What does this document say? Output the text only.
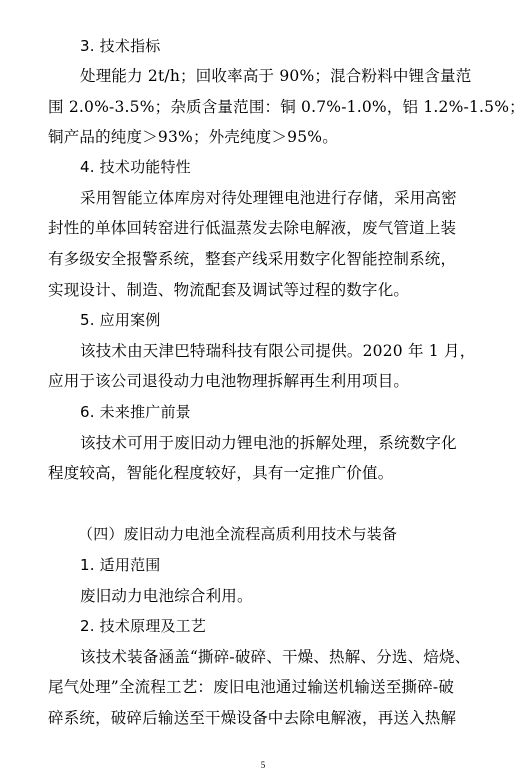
3. 技术指标
处理能力 2t/h；回收率高于 90%；混合粉料中锂含量范
围 2.0%-3.5%；杂质含量范围：铜 0.7%-1.0%，铝 1.2%-1.5%；
铜产品的纯度＞93%；外壳纯度＞95%。
4. 技术功能特性
采用智能立体库房对待处理锂电池进行存储，采用高密
封性的单体回转窑进行低温蒸发去除电解液，废气管道上装
有多级安全报警系统，整套产线采用数字化智能控制系统，
实现设计、制造、物流配套及调试等过程的数字化。
5. 应用案例
该技术由天津巴特瑞科技有限公司提供。2020 年 1 月，
应用于该公司退役动力电池物理拆解再生利用项目。
6. 未来推广前景
该技术可用于废旧动力锂电池的拆解处理，系统数字化
程度较高，智能化程度较好，具有一定推广价值。
（四）废旧动力电池全流程高质利用技术与装备
1. 适用范围
废旧动力电池综合利用。
2. 技术原理及工艺
该技术装备涵盖“撕碎-破碎、干燥、热解、分选、焙烧、
尾气处理”全流程工艺：废旧电池通过输送机输送至撕碎-破
碎系统，破碎后输送至干燥设备中去除电解液，再送入热解
5
